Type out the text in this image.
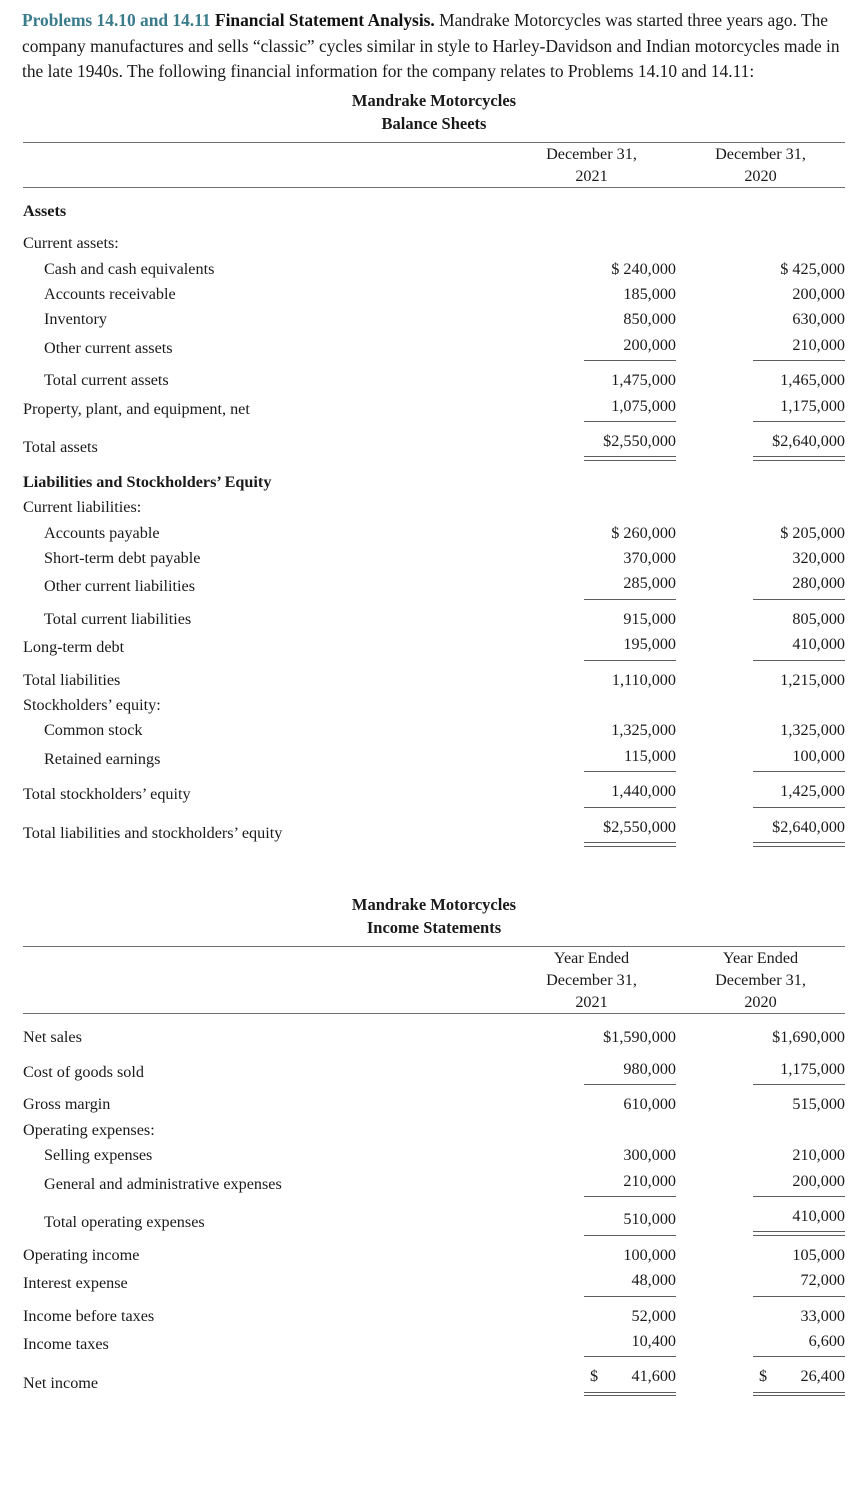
Problems 14.10 and 14.11 Financial Statement Analysis. Mandrake Motorcycles was started three years ago. The company manufactures and sells “classic” cycles similar in style to Harley-Davidson and Indian motorcycles made in the late 1940s. The following financial information for the company relates to Problems 14.10 and 14.11:

Mandrake Motorcycles
Balance Sheets

December 31,
2021

December 31,
2020

Assets		

Current assets:		
Cash and cash equivalents	$ 240,000	$ 425,000
Accounts receivable	185,000	200,000
Inventory	850,000	630,000
Other current assets	200,000	210,000

Total current assets	1,475,000	1,465,000
Property, plant, and equipment, net	1,075,000	1,175,000

Total assets	$2,550,000	$2,640,000

Liabilities and Stockholders’ Equity		
Current liabilities:		
Accounts payable	$ 260,000	$ 205,000
Short-term debt payable	370,000	320,000
Other current liabilities	285,000	280,000

Total current liabilities	915,000	805,000
Long-term debt	195,000	410,000

Total liabilities	1,110,000	1,215,000
Stockholders’ equity:		
Common stock	1,325,000	1,325,000
Retained earnings	115,000	100,000

Total stockholders’ equity	1,440,000	1,425,000

Total liabilities and stockholders’ equity	$2,550,000	$2,640,000
Mandrake Motorcycles
Income Statements

Year Ended
December 31,
2021

Year Ended
December 31,
2020

Net sales	$1,590,000	$1,690,000

Cost of goods sold	980,000	1,175,000

Gross margin	610,000	515,000
Operating expenses:		
Selling expenses	300,000	210,000
General and administrative expenses	210,000	200,000

Total operating expenses	510,000	410,000

Operating income	100,000	105,000
Interest expense	48,000	72,000

Income before taxes	52,000	33,000
Income taxes	10,400	6,600

Net income	$ 41,600	$ 26,400
